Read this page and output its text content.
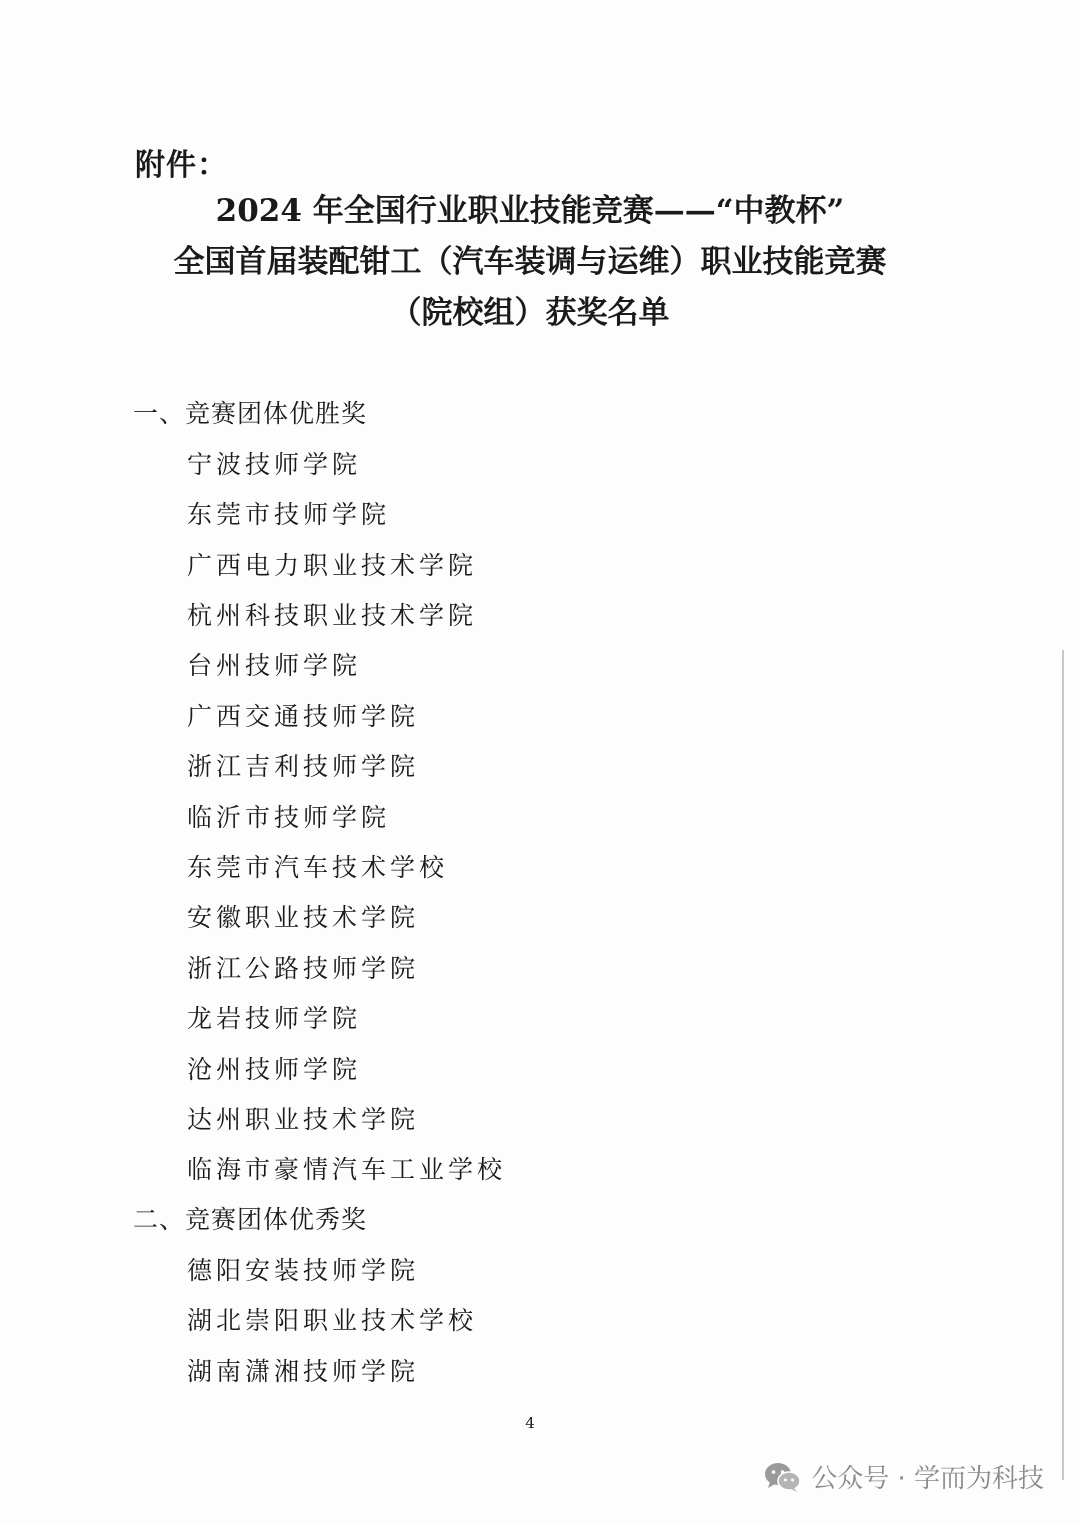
附件：
2024 年全国行业职业技能竞赛——“中教杯”
全国首届装配钳工（汽车装调与运维）职业技能竞赛
（院校组）获奖名单
一、竞赛团体优胜奖
宁波技师学院
东莞市技师学院
广西电力职业技术学院
杭州科技职业技术学院
台州技师学院
广西交通技师学院
浙江吉利技师学院
临沂市技师学院
东莞市汽车技术学校
安徽职业技术学院
浙江公路技师学院
龙岩技师学院
沧州技师学院
达州职业技术学院
临海市豪情汽车工业学校
二、竞赛团体优秀奖
德阳安装技师学院
湖北崇阳职业技术学校
湖南潇湘技师学院
4
公众号 · 学而为科技
